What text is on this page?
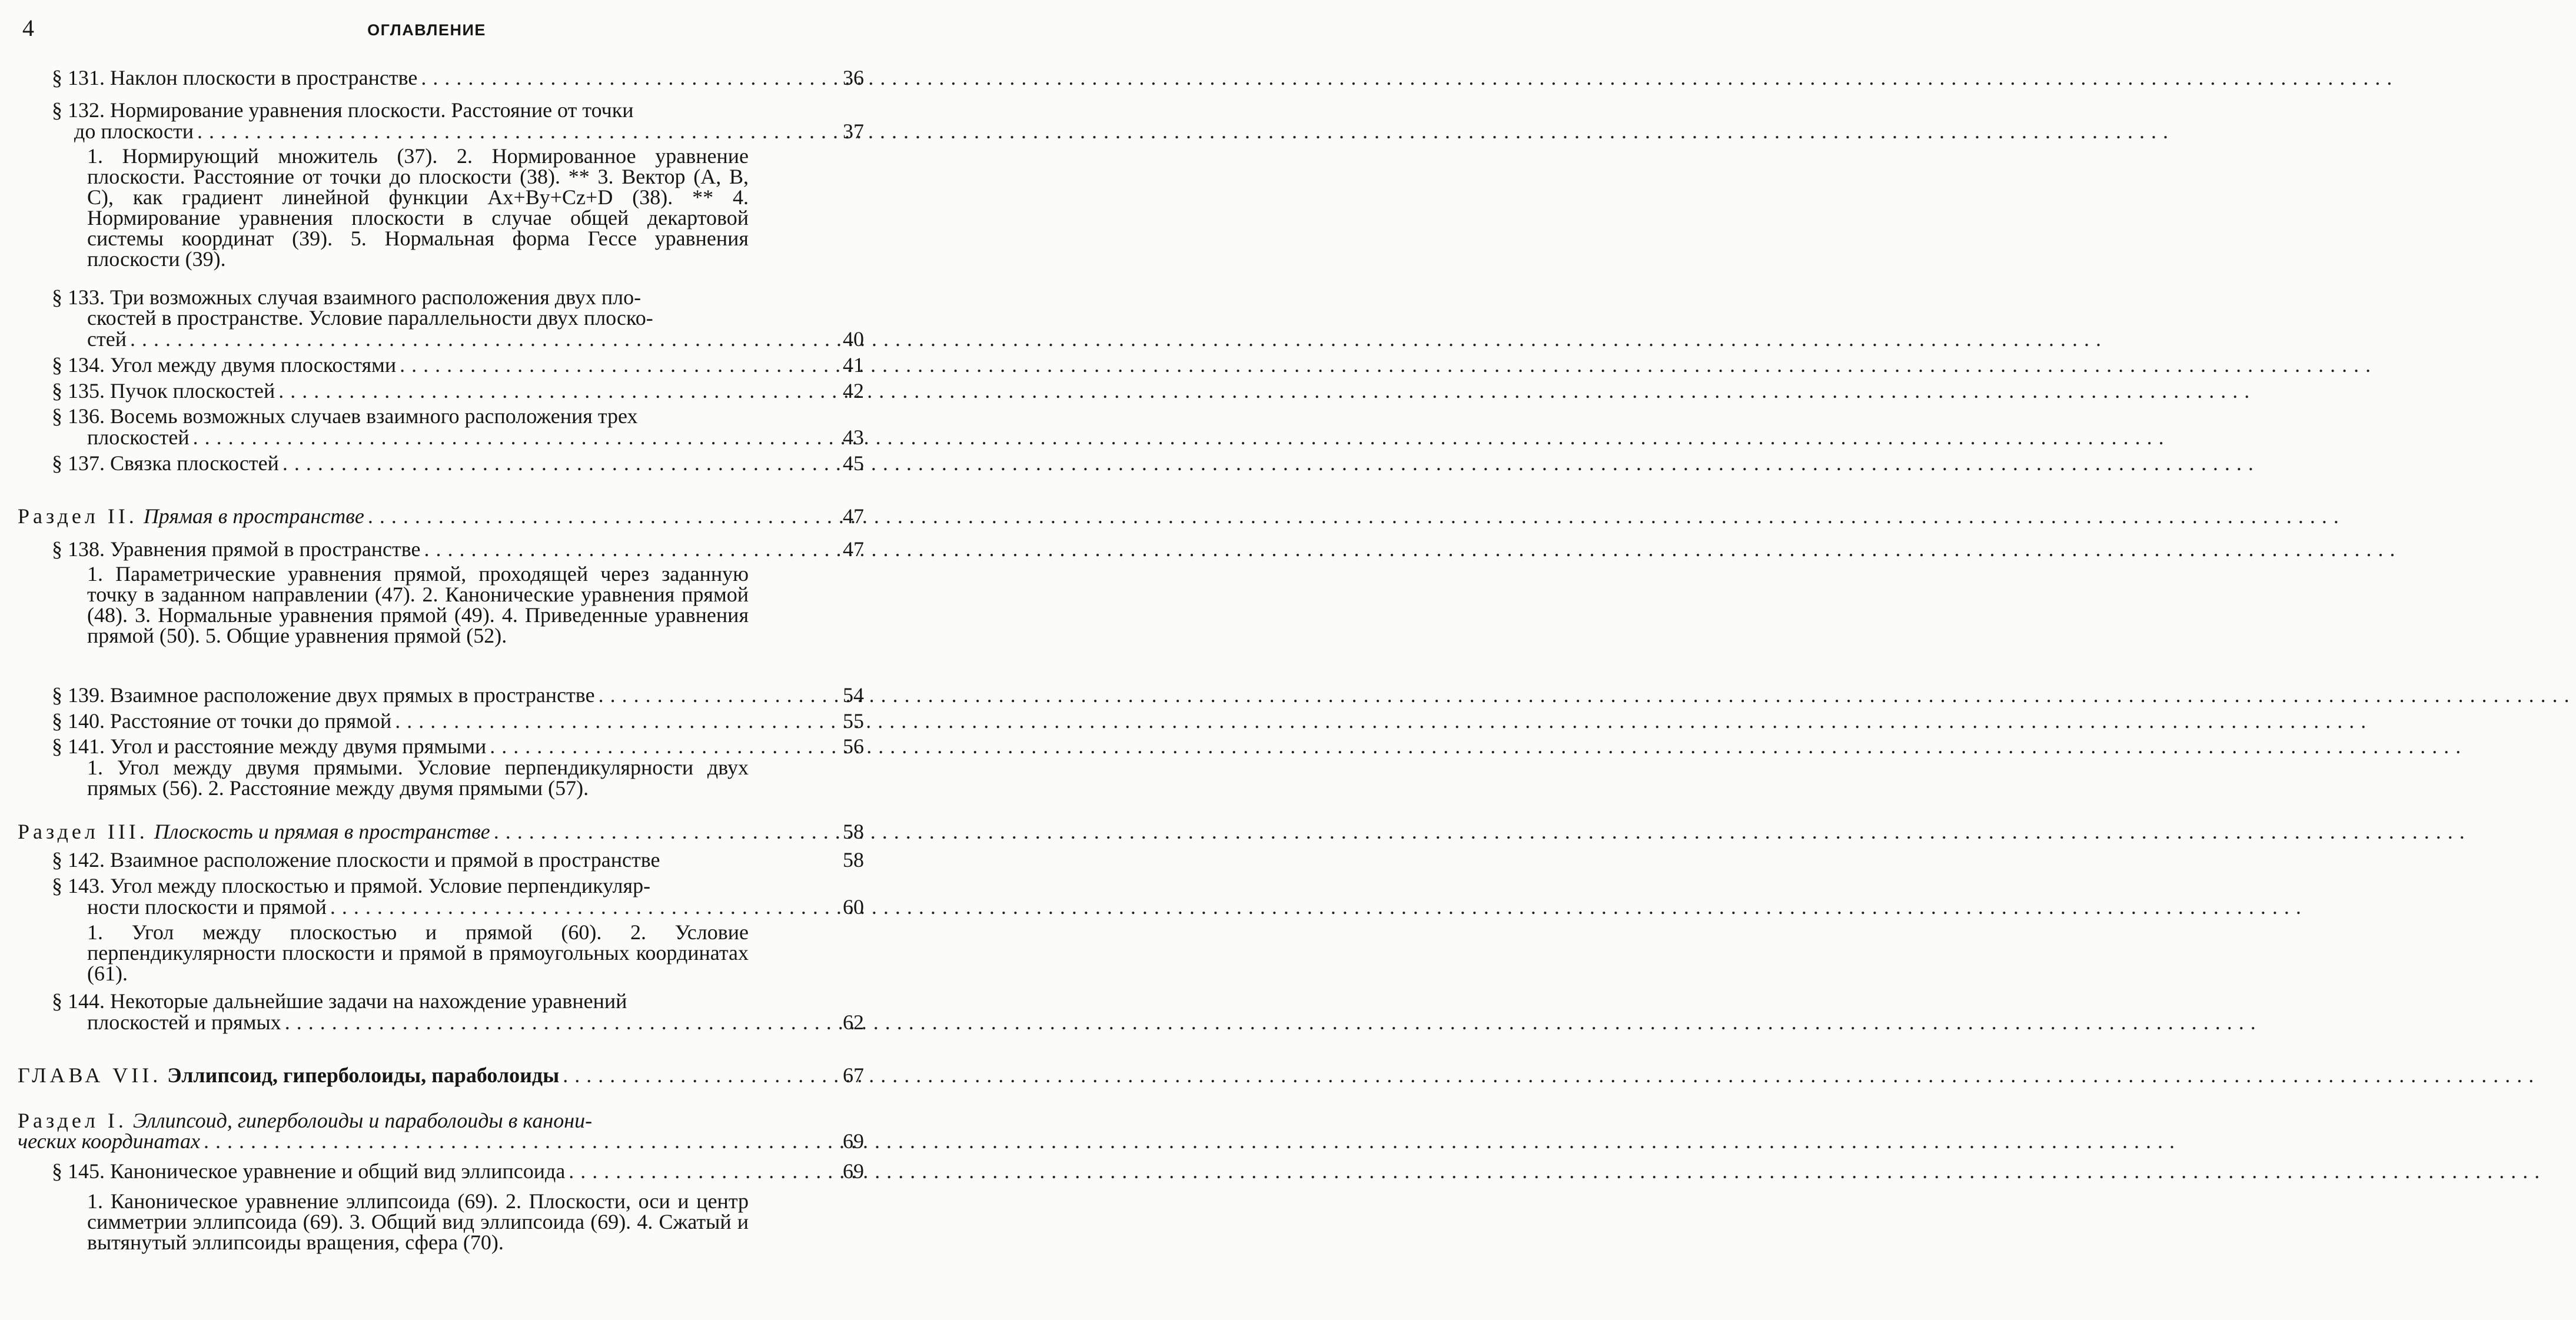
4	ОГЛАВЛЕНИЕ
§ 131. Наклон плоскости в пространстве .....	36
§ 132. Нормирование уравнения плоскости. Расстояние от точки
до плоскости .....	37
1. Нормирующий множитель (37). 2. Нормированное уравнение плоскости. Расстояние от точки до плоскости (38). ** 3. Вектор (A, B, C), как градиент линейной функции Ax+By+Cz+D (38). ** 4. Нормирование уравнения плоскости в случае общей декартовой системы координат (39). 5. Нормальная форма Гессе уравнения плоскости (39).
§ 133. Три возможных случая взаимного расположения двух пло-
скостей в пространстве. Условие параллельности двух плоско-
стей .....	40
§ 134. Угол между двумя плоскостями .....	41
§ 135. Пучок плоскостей .....	42
§ 136. Восемь возможных случаев взаимного расположения трех
плоскостей .....	43
§ 137. Связка плоскостей .....	45
Раздел II. Прямая в пространстве .....	47
§ 138. Уравнения прямой в пространстве .....	47
1. Параметрические уравнения прямой, проходящей через заданную точку в заданном направлении (47). 2. Канонические уравнения прямой (48). 3. Нормальные уравнения прямой (49). 4. Приведенные уравнения прямой (50). 5. Общие уравнения прямой (52).
§ 139. Взаимное расположение двух прямых в пространстве .....	54
§ 140. Расстояние от точки до прямой .....	55
§ 141. Угол и расстояние между двумя прямыми .....	56
1. Угол между двумя прямыми. Условие перпендикулярности двух прямых (56). 2. Расстояние между двумя прямыми (57).
Раздел III. Плоскость и прямая в пространстве .....	58
§ 142. Взаимное расположение плоскости и прямой в пространстве	58
§ 143. Угол между плоскостью и прямой. Условие перпендикуляр-
ности плоскости и прямой .....	60
1. Угол между плоскостью и прямой (60). 2. Условие перпендикулярности плоскости и прямой в прямоугольных координатах (61).
§ 144. Некоторые дальнейшие задачи на нахождение уравнений
плоскостей и прямых .....	62
ГЛАВА VII. Эллипсоид, гиперболоиды, параболоиды .....	67
Раздел I. Эллипсоид, гиперболоиды и параболоиды в канони-
ческих координатах .....	69
§ 145. Каноническое уравнение и общий вид эллипсоида .....	69
1. Каноническое уравнение эллипсоида (69). 2. Плоскости, оси и центр симметрии эллипсоида (69). 3. Общий вид эллипсоида (69). 4. Сжатый и вытянутый эллипсоиды вращения, сфера (70).
